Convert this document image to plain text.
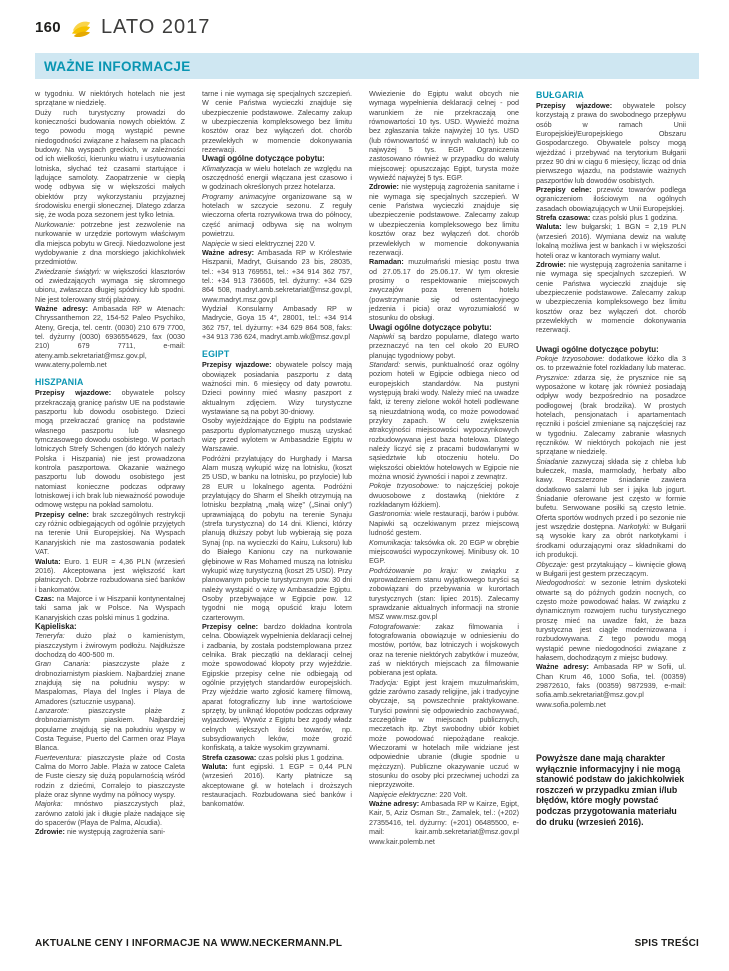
160 LATO 2017
WAŻNE INFORMACJE

w tygodniu. W niektórych hotelach nie jest sprzątane w niedzielę.

Duży ruch turystyczny prowadzi do konieczności budowania nowych obiektów. Z tego powodu mogą wystąpić pewne niedogodności związane z hałasem na placach budowy. Na wyspach greckich, w zależności od ich wielkości, kierunku wiatru i usytuowania lotniska, słychać też czasami startujące i lądujące samoloty. Zaopatrzenie w ciepłą wodę odbywa się w większości małych obiektów przy wykorzystaniu przyjaznej środowisku energii słonecznej. Dlatego zdarza się, że woda poza sezonem jest tylko letnia.

Nurkowanie: potrzebne jest zezwolenie na nurkowanie w urzędzie portowym właściwym dla miejsca pobytu w Grecji. Niedozwolone jest wydobywanie z dna morskiego jakichkolwiek przedmiotów.

Zwiedzanie świątyń: w większości klasztorów od zwiedzających wymaga się skromnego ubioru, zwłaszcza długiej spódnicy lub spodni. Nie jest tolerowany strój plażowy.

Ważne adresy: Ambasada RP w Atenach: Chryssanthemon 22, 154-52 Paleo Psychiko, Ateny, Grecja, tel. centr. (0030) 210 679 7700, tel. dyżurny (0030) 6936554629, fax (0030 210) 679 7711, e-mail: ateny.amb.sekretariat@msz.gov.pl, www.ateny.polemb.net

HISZPANIA

Przepisy wjazdowe: obywatele polscy przekraczają granicę państw UE na podstawie paszportu lub dowodu osobistego. Dzieci mogą przekraczać granicę na podstawie własnego paszportu lub własnego tymczasowego dowodu osobistego. W portach lotniczych Strefy Schengen (do których należy Polska i Hiszpania) nie jest prowadzona kontrola paszportowa. Okazanie ważnego paszportu lub dowodu osobistego jest natomiast konieczne podczas odprawy lotniskowej i ich brak lub nieważność powoduje odmowę wstępu na pokład samolotu.

Przepisy celne: brak szczególnych restrykcji czy różnic odbiegających od ogólnie przyjętych na terenie Unii Europejskiej. Na Wyspach Kanaryjskich nie ma zastosowania podatek VAT.

Waluta: Euro. 1 EUR = 4,36 PLN (wrzesień 2016). Akceptowana jest większość kart płatniczych. Dobrze rozbudowana sieć banków i bankomatów.

Czas: na Majorce i w Hiszpanii kontynentalnej taki sama jak w Polsce. Na Wyspach Kanaryjskich czas polski minus 1 godzina.

Kąpieliska:

Teneryfa: dużo plaż o kamienistym, piaszczystym i żwirowym podłożu. Najdłuższe dochodzą do 400-500 m.

Gran Canaria: piaszczyste plaże z drobnoziarnistym piaskiem. Najbardziej znane znajdują się na południu wyspy: w Maspalomas, Playa del Ingles i Playa de Amadores (sztucznie usypana).

Lanzarote: piaszczyste plaże z drobnoziarnistym piaskiem. Najbardziej popularne znajdują się na południu wyspy w Costa Teguise, Puerto del Carmen oraz Playa Blanca.

Fuerteventura: piaszczyste plaże od Costa Calma do Morro Jable. Plaża w zatoce Caleta de Fuste cieszy się dużą popularnością wśród rodzin z dziećmi, Corralejo to piaszczyste plaże oraz słynne wydmy na północy wyspy.

Majorka: mnóstwo piaszczystych plaż, zarówno zatoki jak i długie plaże nadające się do spacerów (Playa de Palma, Alcudia).

Zdrowie: nie występują zagrożenia sani-

tarne i nie wymaga się specjalnych szczepień. W cenie Państwa wycieczki znajduje się ubezpieczenie podstawowe. Zalecamy zakup w ubezpieczenia kompleksowego bez limitu kosztów oraz bez wyłączeń dot. chorób przewlekłych w momencie dokonywania rezerwacji.

Uwagi ogólne dotyczące pobytu:

Klimatyzacja w wielu hotelach ze względu na oszczędność energii włączana jest czasowo i w godzinach określonych przez hotelarza.

Programy animacyjne organizowane są w hotelach w szczycie sezonu. Z reguły wieczorna oferta rozrywkowa trwa do północy, część animacji odbywa się na wolnym powietrzu.

Napięcie w sieci elektrycznej 220 V.

Ważne adresy: Ambasada RP w Królestwie Hiszpanii, Madryt, Guisando 23 bis, 28035, tel.: +34 913 769551, tel.: +34 914 362 757, tel.: +34 913 736605, tel. dyżurny: +34 629 864 508, madryt.amb.sekretariat@msz.gov.pl, www.madryt.msz.gov.pl

Wydział Konsularny Ambasady RP w Madrycie, Goya 15 4°, 28001, tel.: +34 914 362 757, tel. dyżurny: +34 629 864 508, faks: +34 913 736 624, madryt.amb.wk@msz.gov.pl

EGIPT

Przepisy wjazdowe: obywatele polscy mają obowiązek posiadania paszportu z datą ważności min. 6 miesięcy od daty powrotu. Dzieci powinny mieć własny paszport z aktualnym zdjęciem. Wizy turystyczne wystawiane są na pobyt 30-dniowy.

Osoby wyjeżdżające do Egiptu na podstawie paszportu dyplomatycznego muszą uzyskać wizę przed wylotem w Ambasadzie Egiptu w Warszawie.

Podróżni przylatujący do Hurghady i Marsa Alam muszą wykupić wizę na lotnisku, (koszt 25 USD, w banku na lotnisku, po przylocie) lub 28 EUR u lokalnego agenta. Podróżni przylatujący do Sharm el Sheikh otrzymują na lotnisku bezpłatną „małą wizę” („Sinai only”) uprawniającą do pobytu na terenie Synaju (strefa turystyczna) do 14 dni. Klienci, którzy planują dłuższy pobyt lub wybierają się poza Synaj (np. na wycieczki do Kairu, Luksoru) lub do Białego Kanionu czy na nurkowanie głębinowe w Ras Mohamed muszą na lotnisku wykupić wizę turystyczną (koszt 25 USD). Przy planowanym pobycie turystycznym pow. 30 dni należy wystąpić o wizę w Ambasadzie Egiptu. Osoby przebywające w Egipcie pow. 12 tygodni nie mogą opuścić kraju lotem czarterowym.

Przepisy celne: bardzo dokładna kontrola celna. Obowiązek wypełnienia deklaracji celnej i zadbania, by została podstemplowana przez celnika. Brak pieczątki na deklaracji celnej może spowodować kłopoty przy wyjeździe. Egipskie przepisy celne nie odbiegają od ogólnie przyjętych standardów europejskich. Przy wjeździe warto zgłosić kamerę filmową, aparat fotograficzny lub inne wartościowe sprzęty, by uniknąć kłopotów podczas odprawy wyjazdowej. Wywóz z Egiptu bez zgody władz celnych większych ilości towarów, np. subsydiowanych leków, może grozić konfiskatą, a także wysokim grzywnami.

Strefa czasowa: czas polski plus 1 godzina.

Waluta: funt egipski. 1 EGP = 0,44 PLN (wrzesień 2016). Karty płatnicze są akceptowane gł. w hotelach i droższych restauracjach. Rozbudowana sieć banków i bankomatów.

Wwiezienie do Egiptu walut obcych nie wymaga wypełnienia deklaracji celnej - pod warunkiem że nie przekraczają one równowartości 10 tys. USD. Wywieźć można bez zgłaszania także najwyżej 10 tys. USD (lub równowartość w innych walutach) lub co najwyżej 5 tys. EGP. Ograniczenia zastosowano również w przypadku do waluty miejscowej: opuszczając Egipt, turysta może wywieźć najwyżej 5 tys. EGP.

Zdrowie: nie występują zagrożenia sanitarne i nie wymaga się specjalnych szczepień. W cenie Państwa wycieczki znajduje się ubezpieczenie podstawowe. Zalecamy zakup w ubezpieczenia kompleksowego bez limitu kosztów oraz bez wyłączeń dot. chorób przewlekłych w momencie dokonywania rezerwacji.

Ramadan: muzułmański miesiąc postu trwa od 27.05.17 do 25.06.17. W tym okresie prosimy o respektowanie miejscowych zwyczajów poza terenem hotelu (powstrzymanie się od ostentacyjnego jedzenia i picia) oraz wyrozumiałość w stosunku do obsługi.

Uwagi ogólne dotyczące pobytu:

Napiwki są bardzo popularne, dlatego warto przeznaczyć na ten cel około 20 EURO planując tygodniowy pobyt.

Standard: serwis, punktualność oraz ogólny poziom hoteli w Egipcie odbiega nieco od europejskich standardów. Na pustyni występują braki wody. Należy mieć na uwadze fakt, iż tereny zielone wokół hoteli podlewane są nieuzdatnioną wodą, co może powodować przykry zapach. W celu zwiększenia atrakcyjności miejscowości wypoczynkowych rozbudowywana jest baza hotelowa. Dlatego należy liczyć się z pracami budowlanymi w sąsiedztwie lub otoczeniu hotelu. Do większości obiektów hotelowych w Egipcie nie można wnosić żywności i napoi z zewnątrz.

Pokoje trzyosobowe: to najczęściej pokoje dwuosobowe z dostawką (niektóre z rozkładanym łóżkiem).

Gastronomia: wiele restauracji, barów i pubów. Napiwki są oczekiwanym przez miejscową ludność gestem.

Komunikacja: taksówka ok. 20 EGP w obrębie miejscowości wypoczynkowej. Minibusy ok. 10 EGP.

Podróżowanie po kraju: w związku z wprowadzeniem stanu wyjątkowego turyści są zobowiązani do przebywania w kurortach turystycznych (stan: lipiec 2015). Zalecamy sprawdzanie aktualnych informacji na stronie MSZ www.msz.gov.pl

Fotografowanie: zakaz filmowania i fotografowania obowiązuje w odniesieniu do mostów, portów, baz lotniczych i wojskowych oraz na terenie niektórych zabytków i muzeów, zaś w niektórych miejscach za filmowanie pobierana jest opłata.

Tradycja: Egipt jest krajem muzułmańskim, gdzie zarówno zasady religijne, jak i tradycyjne obyczaje, są powszechnie praktykowane. Turyści powinni się odpowiednio zachowywać, szczególnie w miejscach publicznych, meczetach itp. Zbyt swobodny ubiór kobiet może powodować niepożądane reakcje. Wieczorami w hotelach mile widziane jest odpowiednie ubranie (długie spodnie u mężczyzn). Publiczne okazywanie uczuć w stosunku do osoby płci przeciwnej uchodzi za nieprzyzwoite.

Napięcie elektryczne: 220 Volt.

Ważne adresy: Ambasada RP w Kairze, Egipt, Kair, 5, Aziz Osman Str., Zamalek, tel.: (+202) 27355416, tel. dyżurny: (+201) 06485500, e-mail: kair.amb.sekretariat@msz.gov.pl www.kair.polemb.net

BUŁGARIA

Przepisy wjazdowe: obywatele polscy korzystają z prawa do swobodnego przepływu osób w ramach Unii Europejskiej/Europejskiego Obszaru Gospodarczego. Obywatele polscy mogą wjeżdżać i przebywać na terytorium Bułgarii przez 90 dni w ciągu 6 miesięcy, licząc od dnia pierwszego wjazdu, na podstawie ważnych paszportów lub dowodów osobistych.

Przepisy celne: przewóz towarów podlega ograniczeniom ilościowym na ogólnych zasadach obowiązujących w Unii Europejskiej.

Strefa czasowa: czas polski plus 1 godzina.

Waluta: lew bułgarski; 1 BGN = 2,19 PLN (wrzesień 2016). Wymiana dewiz na walutę lokalną możliwa jest w bankach i w większości hoteli oraz w kantorach wymiany walut.

Zdrowie: nie występują zagrożenia sanitarne i nie wymaga się specjalnych szczepień. W cenie Państwa wycieczki znajduje się ubezpieczenie podstawowe. Zalecamy zakup w ubezpieczenia kompleksowego bez limitu kosztów oraz bez wyłączeń dot. chorób przewlekłych w momencie dokonywania rezerwacji.

Uwagi ogólne dotyczące pobytu:

Pokoje trzyosobowe: dodatkowe łóżko dla 3 os. to przeważnie fotel rozkładany lub materac.

Prysznice: zdarza się, że prysznice nie są wyposażone w kotarę jak również posiadają odpływ wody bezpośrednio na posadzce podłogowej (brak brodzika). W prostych hotelach, pensjonatach i apartamentach ręczniki i pościel zmieniane są najczęściej raz w tygodniu. Zalecamy zabranie własnych ręczników. W niektórych pokojach nie jest sprzątane w niedzielę.

Śniadanie zazwyczaj składa się z chleba lub bułeczek, masła, marmolady, herbaty albo kawy. Rozszerzone śniadanie zawiera dodatkowo salami lub ser i jajka lub jogurt. Śniadanie oferowane jest często w formie bufetu. Serwowane posiłki są często letnie. Oferta sportów wodnych przed i po sezonie nie jest wszędzie dostępna. Narkotyki: w Bułgarii są wysokie kary za obrót narkotykami i środkami odurzającymi oraz składnikami do ich produkcji.

Obyczaje: gest przytakujący – kiwnięcie głową w Bułgarii jest gestem przeczącym.

Niedogodności: w sezonie letnim dyskoteki otwarte są do późnych godzin nocnych, co często może powodować hałas. W związku z dynamicznym rozwojem ruchu turystycznego proszę mieć na uwadze fakt, że baza turystyczna jest ciągle modernizowana i rozbudowywana. Z tego powodu mogą wystąpić pewne niedogodności związane z hałasem, dochodzącym z miejsc budowy.

Ważne adresy: Ambasada RP w Sofii, ul. Chan Krum 46, 1000 Sofia, tel. (00359) 29872610, faks (00359) 9872939, e-mail: sofia.amb.sekretariat@msz.gov.pl www.sofia.polemb.net

Powyższe dane mają charakter wyłącznie informacyjny i nie mogą stanowić podstaw do jakichkolwiek roszczeń w przypadku zmian i/lub błędów, które mogły powstać podczas przygotowania materiału do druku (wrzesień 2016).
AKTUALNE CENY I INFORMACJE NA WWW.NECKERMANN.PL	SPIS TREŚCI
